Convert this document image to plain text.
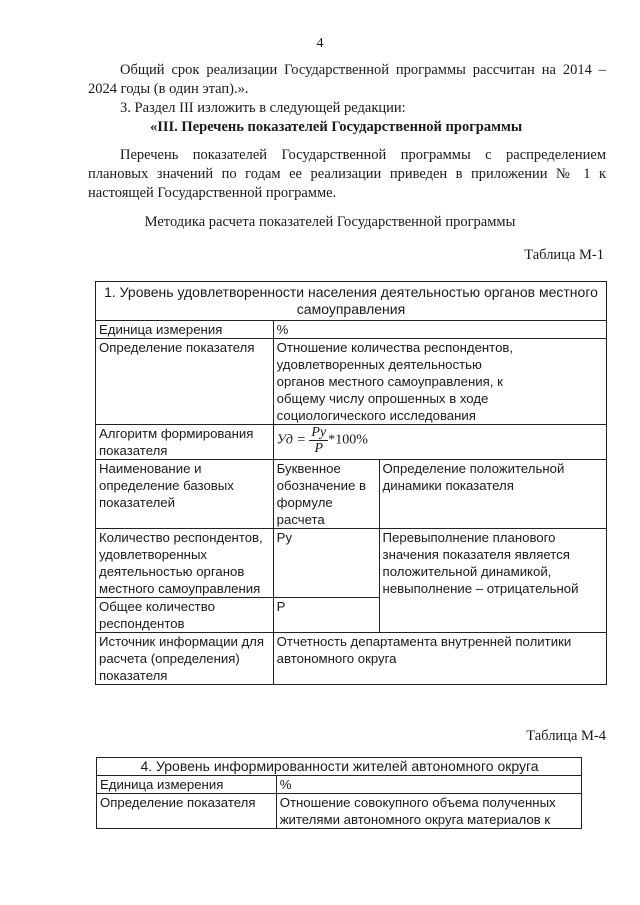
4
Общий срок реализации Государственной программы рассчитан на 2014 – 2024 годы (в один этап).».
3. Раздел III изложить в следующей редакции:
«III. Перечень показателей Государственной программы
Перечень показателей Государственной программы с распределением плановых значений по годам ее реализации приведен в приложении № 1 к настоящей Государственной программе.
Методика расчета показателей Государственной программы
Таблица М-1
1. Уровень удовлетворенности населения деятельностью органов местного самоуправления		
Единица измерения	%	
Определение показателя	Отношение количества респондентов, удовлетворенных деятельностью органов местного самоуправления, к общему числу опрошенных в ходе социологического исследования	
Алгоритм формирования показателя	Уд = $\frac{Ру}{Р} *100\%$	
Наименование и определение базовых показателей	Буквенное обозначение в формуле расчета	Определение положительной динамики показателя
Количество респондентов, удовлетворенных деятельностью органов местного самоуправления	Ру	Перевыполнение планового значения показателя является положительной динамикой, невыполнение – отрицательной
Общее количество респондентов	Р	
Источник информации для расчета (определения) показателя	Отчетность департамента внутренней политики автономного округа	
Таблица М-4
4. Уровень информированности жителей автономного округа	
Единица измерения	%
Определение показателя	Отношение совокупного объема полученных жителями автономного округа материалов к
